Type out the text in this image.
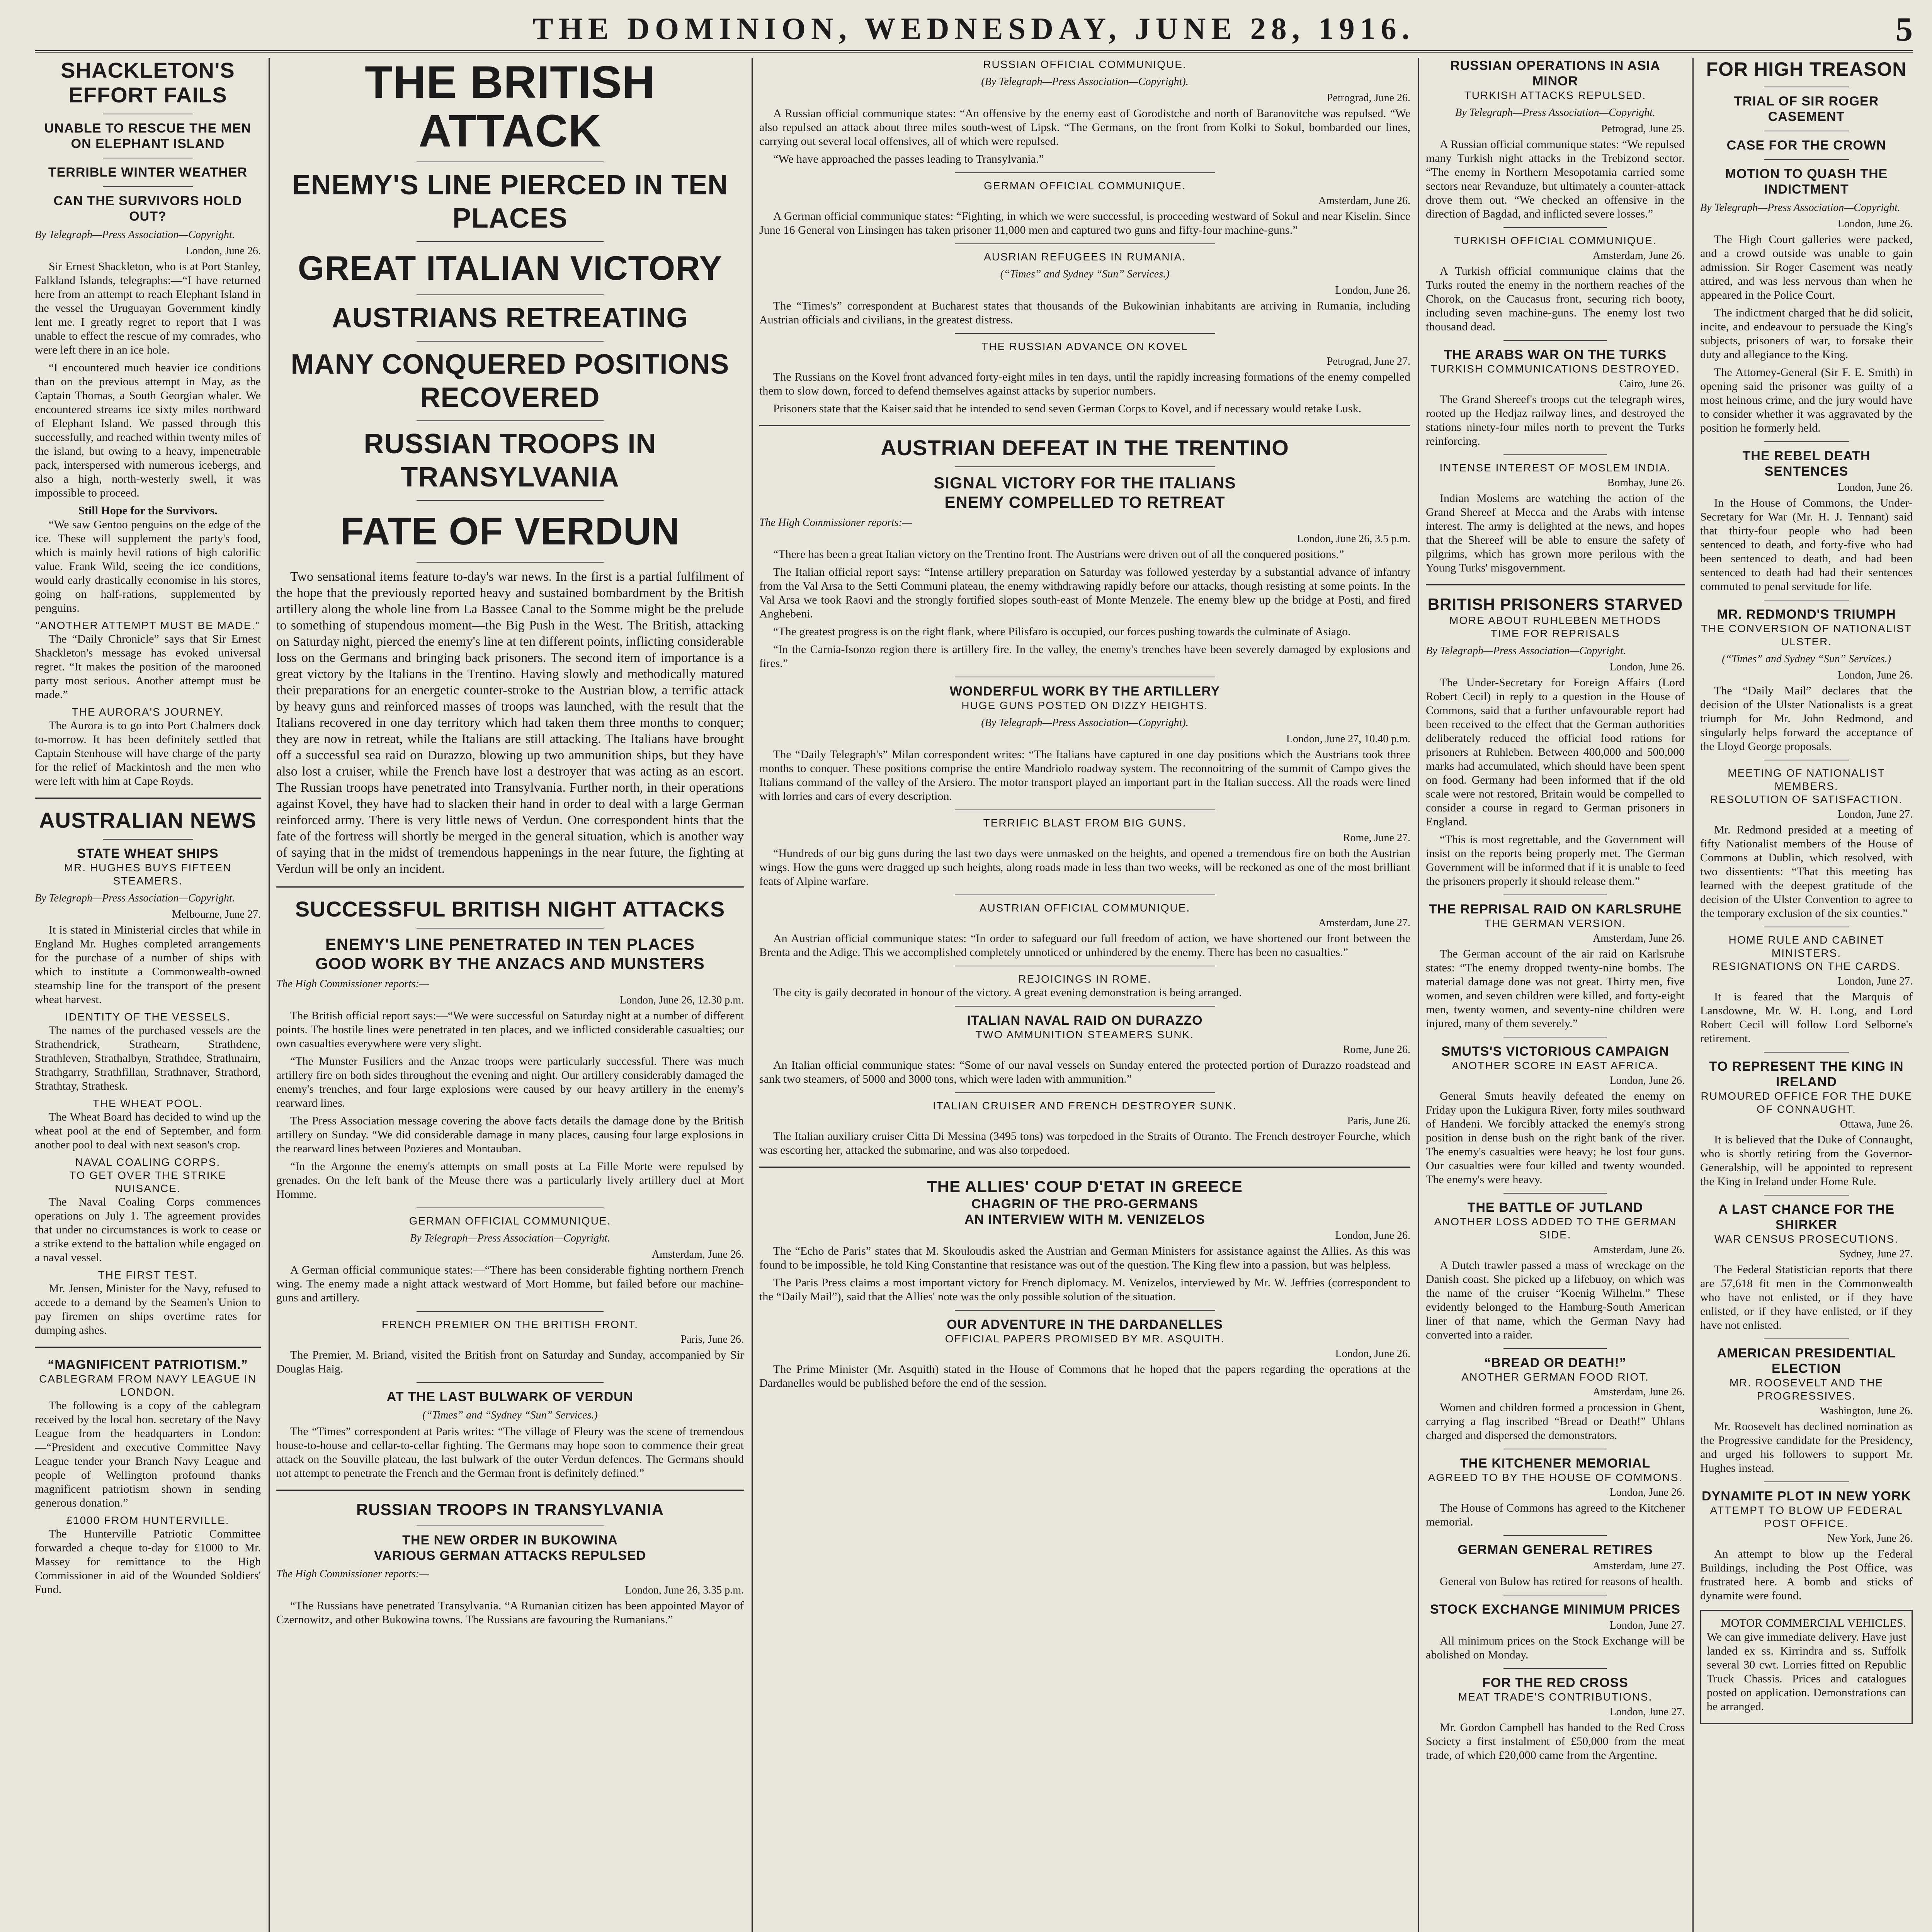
THE DOMINION, WEDNESDAY, JUNE 28, 1916.	5
SHACKLETON'S EFFORT FAILS
UNABLE TO RESCUE THE MEN ON ELEPHANT ISLAND
TERRIBLE WINTER WEATHER
CAN THE SURVIVORS HOLD OUT?
By Telegraph—Press Association—Copyright.
London, June 26.

Sir Ernest Shackleton, who is at Port Stanley, Falkland Islands, telegraphs:—“I have returned here from an attempt to reach Elephant Island in the vessel the Uruguayan Government kindly lent me. I greatly regret to report that I was unable to effect the rescue of my comrades, who were left there in an ice hole.

“I encountered much heavier ice conditions than on the previous attempt in May, as the Captain Thomas, a South Georgian whaler. We encountered streams ice sixty miles northward of Elephant Island. We passed through this successfully, and reached within twenty miles of the island, but owing to a heavy, impenetrable pack, interspersed with numerous icebergs, and also a high, north-westerly swell, it was impossible to proceed.

Still Hope for the Survivors.

“We saw Gentoo penguins on the edge of the ice. These will supplement the party's food, which is mainly hevil rations of high calorific value. Frank Wild, seeing the ice conditions, would early drastically economise in his stores, going on half-rations, supplemented by penguins.

“ANOTHER ATTEMPT MUST BE MADE.”

The “Daily Chronicle” says that Sir Ernest Shackleton's message has evoked universal regret. “It makes the position of the marooned party most serious. Another attempt must be made.”

THE AURORA'S JOURNEY.

The Aurora is to go into Port Chalmers dock to-morrow. It has been definitely settled that Captain Stenhouse will have charge of the party for the relief of Mackintosh and the men who were left with him at Cape Royds.

AUSTRALIAN NEWS
STATE WHEAT SHIPS
MR. HUGHES BUYS FIFTEEN STEAMERS.
By Telegraph—Press Association—Copyright.
Melbourne, June 27.

It is stated in Ministerial circles that while in England Mr. Hughes completed arrangements for the purchase of a number of ships with which to institute a Commonwealth-owned steamship line for the transport of the present wheat harvest.

IDENTITY OF THE VESSELS.

The names of the purchased vessels are the Strathendrick, Strathearn, Strathdene, Strathleven, Strathalbyn, Strathdee, Strathnairn, Strathgarry, Strathfillan, Strathnaver, Strathord, Strathtay, Strathesk.

THE WHEAT POOL.

The Wheat Board has decided to wind up the wheat pool at the end of September, and form another pool to deal with next season's crop.

NAVAL COALING CORPS.
TO GET OVER THE STRIKE NUISANCE.

The Naval Coaling Corps commences operations on July 1. The agreement provides that under no circumstances is work to cease or a strike extend to the battalion while engaged on a naval vessel.

THE FIRST TEST.

Mr. Jensen, Minister for the Navy, refused to accede to a demand by the Seamen's Union to pay firemen on ships overtime rates for dumping ashes.

“MAGNIFICENT PATRIOTISM.”
CABLEGRAM FROM NAVY LEAGUE IN LONDON.

The following is a copy of the cablegram received by the local hon. secretary of the Navy League from the headquarters in London:—“President and executive Committee Navy League tender your Branch Navy League and people of Wellington profound thanks magnificent patriotism shown in sending generous donation.”

£1000 FROM HUNTERVILLE.

The Hunterville Patriotic Committee forwarded a cheque to-day for £1000 to Mr. Massey for remittance to the High Commissioner in aid of the Wounded Soldiers' Fund.

THE BRITISH ATTACK
ENEMY'S LINE PIERCED IN TEN PLACES
GREAT ITALIAN VICTORY
AUSTRIANS RETREATING
MANY CONQUERED POSITIONS RECOVERED
RUSSIAN TROOPS IN TRANSYLVANIA
FATE OF VERDUN

Two sensational items feature to-day's war news. In the first is a partial fulfilment of the hope that the previously reported heavy and sustained bombardment by the British artillery along the whole line from La Bassee Canal to the Somme might be the prelude to something of stupendous moment—the Big Push in the West. The British, attacking on Saturday night, pierced the enemy's line at ten different points, inflicting considerable loss on the Germans and bringing back prisoners. The second item of importance is a great victory by the Italians in the Trentino. Having slowly and methodically matured their preparations for an energetic counter-stroke to the Austrian blow, a terrific attack by heavy guns and reinforced masses of troops was launched, with the result that the Italians recovered in one day territory which had taken them three months to conquer; they are now in retreat, while the Italians are still attacking. The Italians have brought off a successful sea raid on Durazzo, blowing up two ammunition ships, but they have also lost a cruiser, while the French have lost a destroyer that was acting as an escort. The Russian troops have penetrated into Transylvania. Further north, in their operations against Kovel, they have had to slacken their hand in order to deal with a large German reinforced army. There is very little news of Verdun. One correspondent hints that the fate of the fortress will shortly be merged in the general situation, which is another way of saying that in the midst of tremendous happenings in the near future, the fighting at Verdun will be only an incident.

SUCCESSFUL BRITISH NIGHT ATTACKS
ENEMY'S LINE PENETRATED IN TEN PLACES
GOOD WORK BY THE ANZACS AND MUNSTERS
The High Commissioner reports:—
London, June 26, 12.30 p.m.

The British official report says:—“We were successful on Saturday night at a number of different points. The hostile lines were penetrated in ten places, and we inflicted considerable casualties; our own casualties everywhere were very slight.

“The Munster Fusiliers and the Anzac troops were particularly successful. There was much artillery fire on both sides throughout the evening and night. Our artillery considerably damaged the enemy's trenches, and four large explosions were caused by our heavy artillery in the enemy's rearward lines.

The Press Association message covering the above facts details the damage done by the British artillery on Sunday. “We did considerable damage in many places, causing four large explosions in the rearward lines between Pozieres and Montauban.

“In the Argonne the enemy's attempts on small posts at La Fille Morte were repulsed by grenades. On the left bank of the Meuse there was a particularly lively artillery duel at Mort Homme.

GERMAN OFFICIAL COMMUNIQUE.
By Telegraph—Press Association—Copyright.
Amsterdam, June 26.

A German official communique states:—“There has been considerable fighting northern French wing. The enemy made a night attack westward of Mort Homme, but failed before our machine-guns and artillery.

FRENCH PREMIER ON THE BRITISH FRONT.
Paris, June 26.

The Premier, M. Briand, visited the British front on Saturday and Sunday, accompanied by Sir Douglas Haig.

AT THE LAST BULWARK OF VERDUN
(“Times” and “Sydney “Sun” Services.)

The “Times” correspondent at Paris writes: “The village of Fleury was the scene of tremendous house-to-house and cellar-to-cellar fighting. The Germans may hope soon to commence their great attack on the Souville plateau, the last bulwark of the outer Verdun defences. The Germans should not attempt to penetrate the French and the German front is definitely defined.”

RUSSIAN TROOPS IN TRANSYLVANIA
THE NEW ORDER IN BUKOWINA
VARIOUS GERMAN ATTACKS REPULSED
The High Commissioner reports:—
London, June 26, 3.35 p.m.

“The Russians have penetrated Transylvania. “A Rumanian citizen has been appointed Mayor of Czernowitz, and other Bukowina towns. The Russians are favouring the Rumanians.”

RUSSIAN OFFICIAL COMMUNIQUE.
(By Telegraph—Press Association—Copyright).
Petrograd, June 26.

A Russian official communique states: “An offensive by the enemy east of Gorodistche and north of Baranovitche was repulsed. “We also repulsed an attack about three miles south-west of Lipsk. “The Germans, on the front from Kolki to Sokul, bombarded our lines, carrying out several local offensives, all of which were repulsed.

“We have approached the passes leading to Transylvania.”

GERMAN OFFICIAL COMMUNIQUE.
Amsterdam, June 26.

A German official communique states: “Fighting, in which we were successful, is proceeding westward of Sokul and near Kiselin. Since June 16 General von Linsingen has taken prisoner 11,000 men and captured two guns and fifty-four machine-guns.”

AUSRIAN REFUGEES IN RUMANIA.
(“Times” and Sydney “Sun” Services.)
London, June 26.

The “Times's” correspondent at Bucharest states that thousands of the Bukowinian inhabitants are arriving in Rumania, including Austrian officials and civilians, in the greatest distress.

THE RUSSIAN ADVANCE ON KOVEL
Petrograd, June 27.

The Russians on the Kovel front advanced forty-eight miles in ten days, until the rapidly increasing formations of the enemy compelled them to slow down, forced to defend themselves against attacks by superior numbers.

Prisoners state that the Kaiser said that he intended to send seven German Corps to Kovel, and if necessary would retake Lusk.

AUSTRIAN DEFEAT IN THE TRENTINO
SIGNAL VICTORY FOR THE ITALIANS
ENEMY COMPELLED TO RETREAT
The High Commissioner reports:—
London, June 26, 3.5 p.m.

“There has been a great Italian victory on the Trentino front. The Austrians were driven out of all the conquered positions.”

The Italian official report says: “Intense artillery preparation on Saturday was followed yesterday by a substantial advance of infantry from the Val Arsa to the Setti Communi plateau, the enemy withdrawing rapidly before our attacks, though resisting at some points. In the Val Arsa we took Raovi and the strongly fortified slopes south-east of Monte Menzele. The enemy blew up the bridge at Posti, and fired Anghebeni.

“The greatest progress is on the right flank, where Pilisfaro is occupied, our forces pushing towards the culminate of Asiago.

“In the Carnia-Isonzo region there is artillery fire. In the valley, the enemy's trenches have been severely damaged by explosions and fires.”

WONDERFUL WORK BY THE ARTILLERY
HUGE GUNS POSTED ON DIZZY HEIGHTS.
(By Telegraph—Press Association—Copyright).
London, June 27, 10.40 p.m.

The “Daily Telegraph's” Milan correspondent writes: “The Italians have captured in one day positions which the Austrians took three months to conquer. These positions comprise the entire Mandriolo roadway system. The reconnoitring of the summit of Campo gives the Italians command of the valley of the Arsiero. The motor transport played an important part in the Italian success. All the roads were lined with lorries and cars of every description.

TERRIFIC BLAST FROM BIG GUNS.
Rome, June 27.

“Hundreds of our big guns during the last two days were unmasked on the heights, and opened a tremendous fire on both the Austrian wings. How the guns were dragged up such heights, along roads made in less than two weeks, will be reckoned as one of the most brilliant feats of Alpine warfare.

AUSTRIAN OFFICIAL COMMUNIQUE.
Amsterdam, June 27.

An Austrian official communique states: “In order to safeguard our full freedom of action, we have shortened our front between the Brenta and the Adige. This we accomplished completely unnoticed or unhindered by the enemy. There has been no casualties.”

REJOICINGS IN ROME.

The city is gaily decorated in honour of the victory. A great evening demonstration is being arranged.

ITALIAN NAVAL RAID ON DURAZZO
TWO AMMUNITION STEAMERS SUNK.
Rome, June 26.

An Italian official communique states: “Some of our naval vessels on Sunday entered the protected portion of Durazzo roadstead and sank two steamers, of 5000 and 3000 tons, which were laden with ammunition.”

ITALIAN CRUISER AND FRENCH DESTROYER SUNK.
Paris, June 26.

The Italian auxiliary cruiser Citta Di Messina (3495 tons) was torpedoed in the Straits of Otranto. The French destroyer Fourche, which was escorting her, attacked the submarine, and was also torpedoed.

THE ALLIES' COUP D'ETAT IN GREECE
CHAGRIN OF THE PRO-GERMANS
AN INTERVIEW WITH M. VENIZELOS
London, June 26.

The “Echo de Paris” states that M. Skouloudis asked the Austrian and German Ministers for assistance against the Allies. As this was found to be impossible, he told King Constantine that resistance was out of the question. The King flew into a passion, but was helpless.

The Paris Press claims a most important victory for French diplomacy. M. Venizelos, interviewed by Mr. W. Jeffries (correspondent to the “Daily Mail”), said that the Allies' note was the only possible solution of the situation.

OUR ADVENTURE IN THE DARDANELLES
OFFICIAL PAPERS PROMISED BY MR. ASQUITH.
London, June 26.

The Prime Minister (Mr. Asquith) stated in the House of Commons that he hoped that the papers regarding the operations at the Dardanelles would be published before the end of the session.

RUSSIAN OPERATIONS IN ASIA MINOR
TURKISH ATTACKS REPULSED.
By Telegraph—Press Association—Copyright.
Petrograd, June 25.

A Russian official communique states: “We repulsed many Turkish night attacks in the Trebizond sector. “The enemy in Northern Mesopotamia carried some sectors near Revanduze, but ultimately a counter-attack drove them out. “We checked an offensive in the direction of Bagdad, and inflicted severe losses.”

TURKISH OFFICIAL COMMUNIQUE.
Amsterdam, June 26.

A Turkish official communique claims that the Turks routed the enemy in the northern reaches of the Chorok, on the Caucasus front, securing rich booty, including seven machine-guns. The enemy lost two thousand dead.

THE ARABS WAR ON THE TURKS
TURKISH COMMUNICATIONS DESTROYED.
Cairo, June 26.

The Grand Shereef's troops cut the telegraph wires, rooted up the Hedjaz railway lines, and destroyed the stations ninety-four miles north to prevent the Turks reinforcing.

INTENSE INTEREST OF MOSLEM INDIA.
Bombay, June 26.

Indian Moslems are watching the action of the Grand Shereef at Mecca and the Arabs with intense interest. The army is delighted at the news, and hopes that the Shereef will be able to ensure the safety of pilgrims, which has grown more perilous with the Young Turks' misgovernment.

BRITISH PRISONERS STARVED
MORE ABOUT RUHLEBEN METHODS
TIME FOR REPRISALS
By Telegraph—Press Association—Copyright.
London, June 26.

The Under-Secretary for Foreign Affairs (Lord Robert Cecil) in reply to a question in the House of Commons, said that a further unfavourable report had been received to the effect that the German authorities deliberately reduced the official food rations for prisoners at Ruhleben. Between 400,000 and 500,000 marks had accumulated, which should have been spent on food. Germany had been informed that if the old scale were not restored, Britain would be compelled to consider a course in regard to German prisoners in England.

“This is most regrettable, and the Government will insist on the reports being properly met. The German Government will be informed that if it is unable to feed the prisoners properly it should release them.”

THE REPRISAL RAID ON KARLSRUHE
THE GERMAN VERSION.
Amsterdam, June 26.

The German account of the air raid on Karlsruhe states: “The enemy dropped twenty-nine bombs. The material damage done was not great. Thirty men, five women, and seven children were killed, and forty-eight men, twenty women, and seventy-nine children were injured, many of them severely.”

SMUTS'S VICTORIOUS CAMPAIGN
ANOTHER SCORE IN EAST AFRICA.
London, June 26.

General Smuts heavily defeated the enemy on Friday upon the Lukigura River, forty miles southward of Handeni. We forcibly attacked the enemy's strong position in dense bush on the right bank of the river. The enemy's casualties were heavy; he lost four guns. Our casualties were four killed and twenty wounded. The enemy's were heavy.

THE BATTLE OF JUTLAND
ANOTHER LOSS ADDED TO THE GERMAN SIDE.
Amsterdam, June 26.

A Dutch trawler passed a mass of wreckage on the Danish coast. She picked up a lifebuoy, on which was the name of the cruiser “Koenig Wilhelm.” These evidently belonged to the Hamburg-South American liner of that name, which the German Navy had converted into a raider.

“BREAD OR DEATH!”
ANOTHER GERMAN FOOD RIOT.
Amsterdam, June 26.

Women and children formed a procession in Ghent, carrying a flag inscribed “Bread or Death!” Uhlans charged and dispersed the demonstrators.

THE KITCHENER MEMORIAL
AGREED TO BY THE HOUSE OF COMMONS.
London, June 26.

The House of Commons has agreed to the Kitchener memorial.

GERMAN GENERAL RETIRES
Amsterdam, June 27.

General von Bulow has retired for reasons of health.

STOCK EXCHANGE MINIMUM PRICES
London, June 27.

All minimum prices on the Stock Exchange will be abolished on Monday.

FOR THE RED CROSS
MEAT TRADE'S CONTRIBUTIONS.
London, June 27.

Mr. Gordon Campbell has handed to the Red Cross Society a first instalment of £50,000 from the meat trade, of which £20,000 came from the Argentine.

FOR HIGH TREASON
TRIAL OF SIR ROGER CASEMENT
CASE FOR THE CROWN
MOTION TO QUASH THE INDICTMENT
By Telegraph—Press Association—Copyright.
London, June 26.

The High Court galleries were packed, and a crowd outside was unable to gain admission. Sir Roger Casement was neatly attired, and was less nervous than when he appeared in the Police Court.

The indictment charged that he did solicit, incite, and endeavour to persuade the King's subjects, prisoners of war, to forsake their duty and allegiance to the King.

The Attorney-General (Sir F. E. Smith) in opening said the prisoner was guilty of a most heinous crime, and the jury would have to consider whether it was aggravated by the position he formerly held.

THE REBEL DEATH SENTENCES
London, June 26.

In the House of Commons, the Under-Secretary for War (Mr. H. J. Tennant) said that thirty-four people who had been sentenced to death, and forty-five who had been sentenced to death, and had been sentenced to death had had their sentences commuted to penal servitude for life.

MR. REDMOND'S TRIUMPH
THE CONVERSION OF NATIONALIST ULSTER.
(“Times” and Sydney “Sun” Services.)
London, June 26.

The “Daily Mail” declares that the decision of the Ulster Nationalists is a great triumph for Mr. John Redmond, and singularly helps forward the acceptance of the Lloyd George proposals.

MEETING OF NATIONALIST MEMBERS.
RESOLUTION OF SATISFACTION.
London, June 27.

Mr. Redmond presided at a meeting of fifty Nationalist members of the House of Commons at Dublin, which resolved, with two dissentients: “That this meeting has learned with the deepest gratitude of the decision of the Ulster Convention to agree to the temporary exclusion of the six counties.”

HOME RULE AND CABINET MINISTERS.
RESIGNATIONS ON THE CARDS.
London, June 27.

It is feared that the Marquis of Lansdowne, Mr. W. H. Long, and Lord Robert Cecil will follow Lord Selborne's retirement.

TO REPRESENT THE KING IN IRELAND
RUMOURED OFFICE FOR THE DUKE OF CONNAUGHT.
Ottawa, June 26.

It is believed that the Duke of Connaught, who is shortly retiring from the Governor-Generalship, will be appointed to represent the King in Ireland under Home Rule.

A LAST CHANCE FOR THE SHIRKER
WAR CENSUS PROSECUTIONS.
Sydney, June 27.

The Federal Statistician reports that there are 57,618 fit men in the Commonwealth who have not enlisted, or if they have enlisted, or if they have enlisted, or if they have not enlisted.

AMERICAN PRESIDENTIAL ELECTION
MR. ROOSEVELT AND THE PROGRESSIVES.
Washington, June 26.

Mr. Roosevelt has declined nomination as the Progressive candidate for the Presidency, and urged his followers to support Mr. Hughes instead.

DYNAMITE PLOT IN NEW YORK
ATTEMPT TO BLOW UP FEDERAL POST OFFICE.
New York, June 26.

An attempt to blow up the Federal Buildings, including the Post Office, was frustrated here. A bomb and sticks of dynamite were found.

MOTOR COMMERCIAL VEHICLES. We can give immediate delivery. Have just landed ex ss. Kirrindra and ss. Suffolk several 30 cwt. Lorries fitted on Republic Truck Chassis. Prices and catalogues posted on application. Demonstrations can be arranged.
